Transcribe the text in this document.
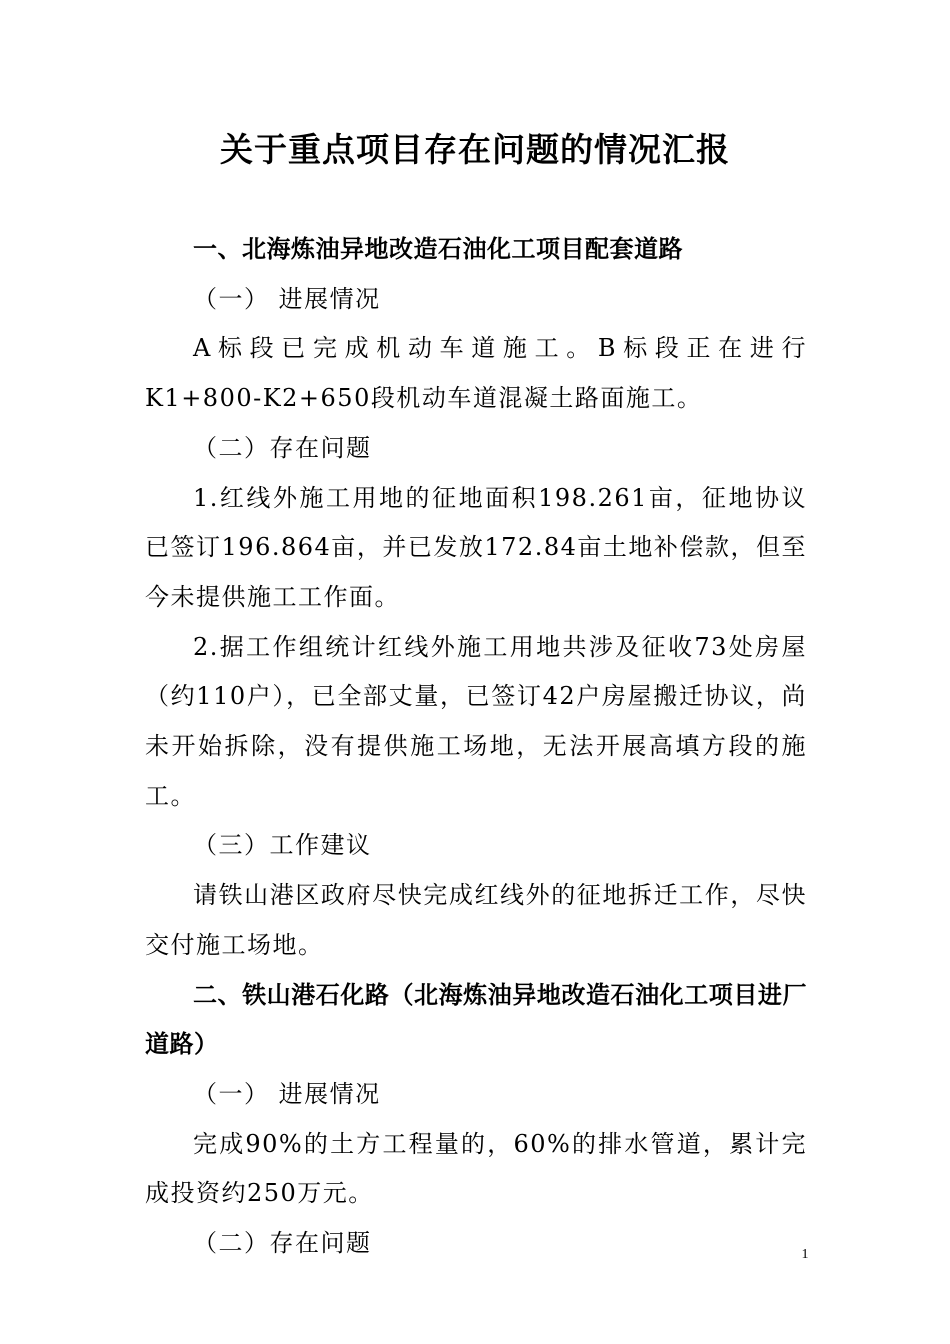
关于重点项目存在问题的情况汇报

一、北海炼油异地改造石油化工项目配套道路

（一） 进展情况

A标段已完成机动车道施工。B标段正在进行K1+800-K2+650段机动车道混凝土路面施工。

（二）存在问题

1.红线外施工用地的征地面积198.261亩，征地协议已签订196.864亩，并已发放172.84亩土地补偿款，但至今未提供施工工作面。

2.据工作组统计红线外施工用地共涉及征收73处房屋（约110户），已全部丈量，已签订42户房屋搬迁协议，尚未开始拆除，没有提供施工场地，无法开展高填方段的施工。

（三）工作建议

请铁山港区政府尽快完成红线外的征地拆迁工作，尽快交付施工场地。

二、铁山港石化路（北海炼油异地改造石油化工项目进厂道路）

（一） 进展情况

完成90%的土方工程量的，60%的排水管道，累计完成投资约250万元。

（二）存在问题	1
